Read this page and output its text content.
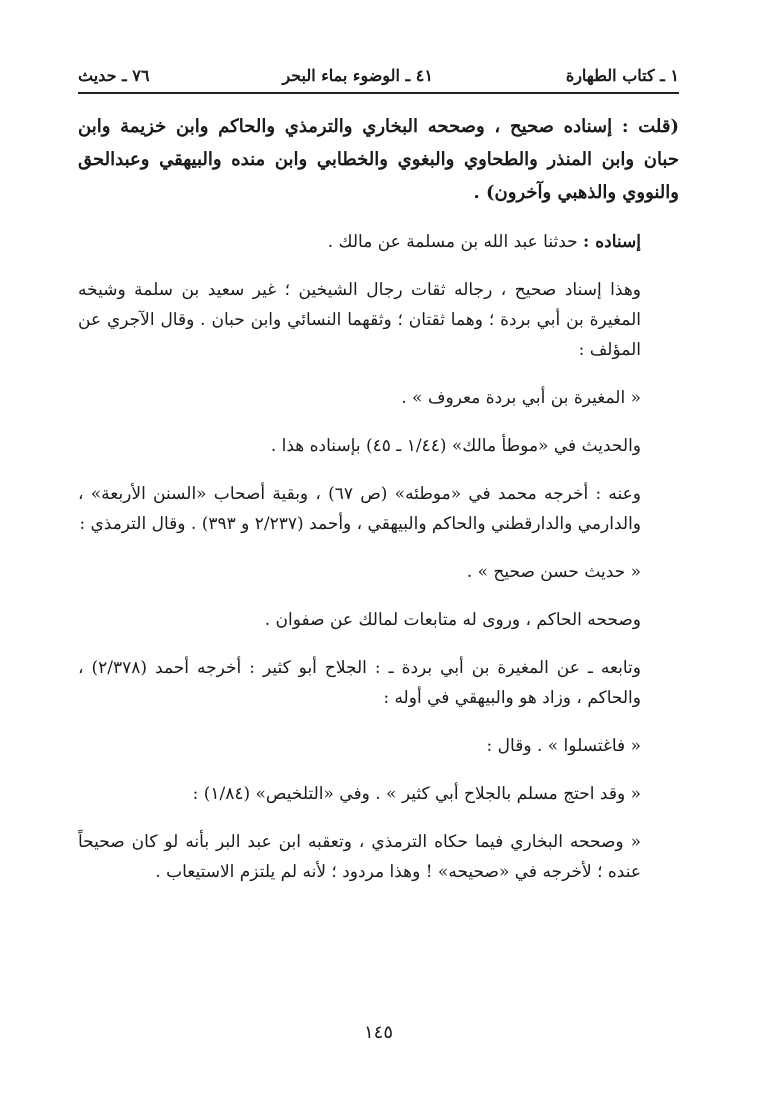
١ ـ كتاب الطهارة
٤١ ـ الوضوء بماء البحر
٧٦ ـ حديث

(قلت : إسناده صحيح ، وصححه البخاري والترمذي والحاكم وابن خزيمة وابن حبان وابن المنذر والطحاوي والبغوي والخطابي وابن منده والبيهقي وعبدالحق والنووي والذهبي وآخرون) .

إسناده : حدثنا عبد الله بن مسلمة عن مالك .

وهذا إسناد صحيح ، رجاله ثقات رجال الشيخين ؛ غير سعيد بن سلمة وشيخه المغيرة بن أبي بردة ؛ وهما ثقتان ؛ وثقهما النسائي وابن حبان . وقال الآجري عن المؤلف :

« المغيرة بن أبي بردة معروف » .

والحديث في «موطأ مالك» (١/٤٤ ـ ٤٥) بإسناده هذا .

وعنه : أخرجه محمد في «موطئه» (ص ٦٧) ، وبقية أصحاب «السنن الأربعة» ، والدارمي والدارقطني والحاكم والبيهقي ، وأحمد (٢/٢٣٧ و ٣٩٣) . وقال الترمذي :

« حديث حسن صحيح » .

وصححه الحاكم ، وروى له متابعات لمالك عن صفوان .

وتابعه ـ عن المغيرة بن أبي بردة ـ : الجلاح أبو كثير : أخرجه أحمد (٢/٣٧٨) ، والحاكم ، وزاد هو والبيهقي في أوله :

« فاغتسلوا » . وقال :

« وقد احتج مسلم بالجلاح أبي كثير » . وفي «التلخيص» (١/٨٤) :

« وصححه البخاري فيما حكاه الترمذي ، وتعقبه ابن عبد البر بأنه لو كان صحيحاً عنده ؛ لأخرجه في «صحيحه» ! وهذا مردود ؛ لأنه لم يلتزم الاستيعاب .

١٤٥
